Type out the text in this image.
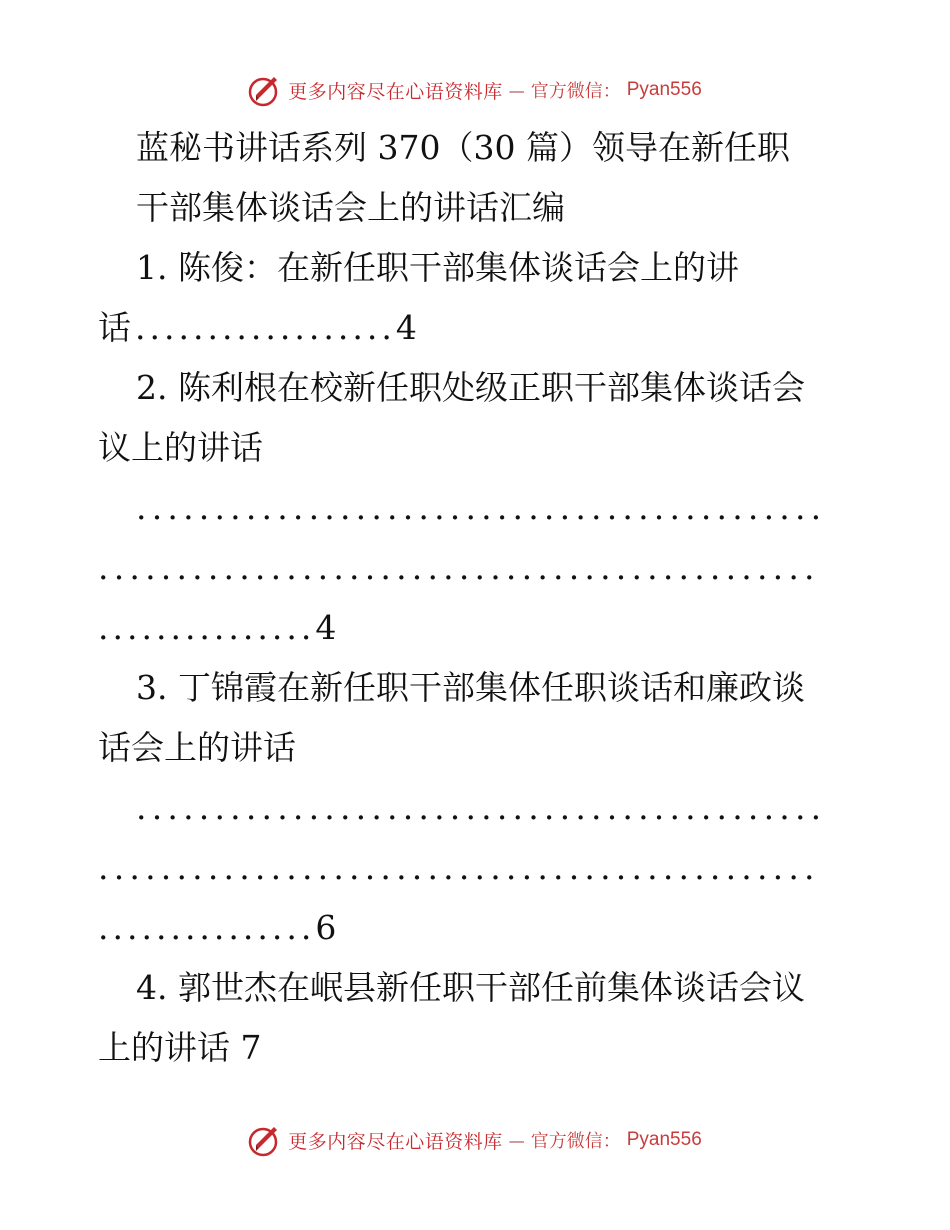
更多内容尽在心语资料库 — 官方微信： Pyan556
蓝秘书讲话系列 370（30 篇）领导在新任职
干部集体谈话会上的讲话汇编
1. 陈俊：在新任职干部集体谈话会上的讲
话..................4
2. 陈利根在校新任职处级正职干部集体谈话会
议上的讲话
............................................
..............................................
...............4
3. 丁锦霞在新任职干部集体任职谈话和廉政谈
话会上的讲话
............................................
..............................................
...............6
4. 郭世杰在岷县新任职干部任前集体谈话会议
上的讲话 7
更多内容尽在心语资料库 — 官方微信： Pyan556
